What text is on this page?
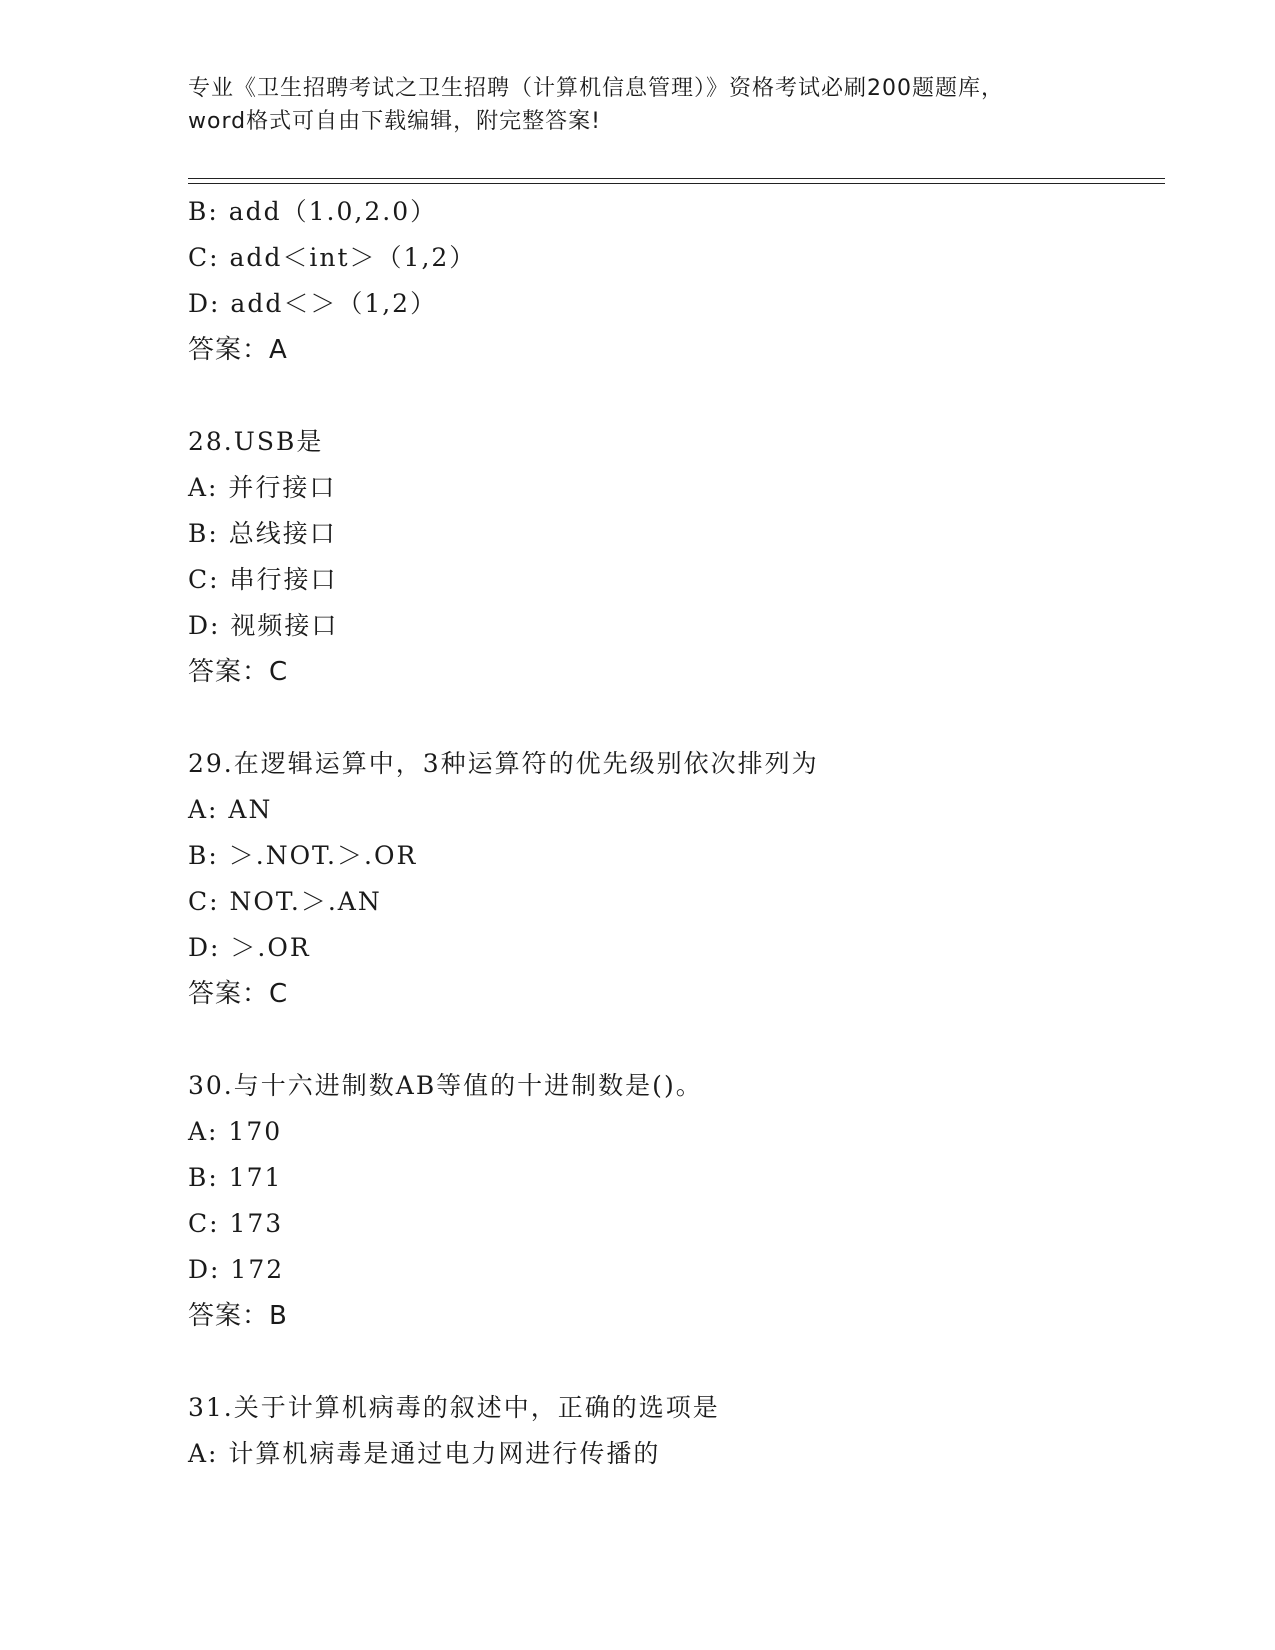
专业《卫生招聘考试之卫生招聘（计算机信息管理）》资格考试必刷200题题库，
word格式可自由下载编辑，附完整答案!
B: add（1.0,2.0）
C: add＜int＞（1,2）
D: add＜＞（1,2）
答案：A
28.USB是
A: 并行接口
B: 总线接口
C: 串行接口
D: 视频接口
答案：C
29.在逻辑运算中，3种运算符的优先级别依次排列为
A: AN
B: ＞.NOT.＞.OR
C: NOT.＞.AN
D: ＞.OR
答案：C
30.与十六进制数AB等值的十进制数是()。
A: 170
B: 171
C: 173
D: 172
答案：B
31.关于计算机病毒的叙述中，正确的选项是
A: 计算机病毒是通过电力网进行传播的
